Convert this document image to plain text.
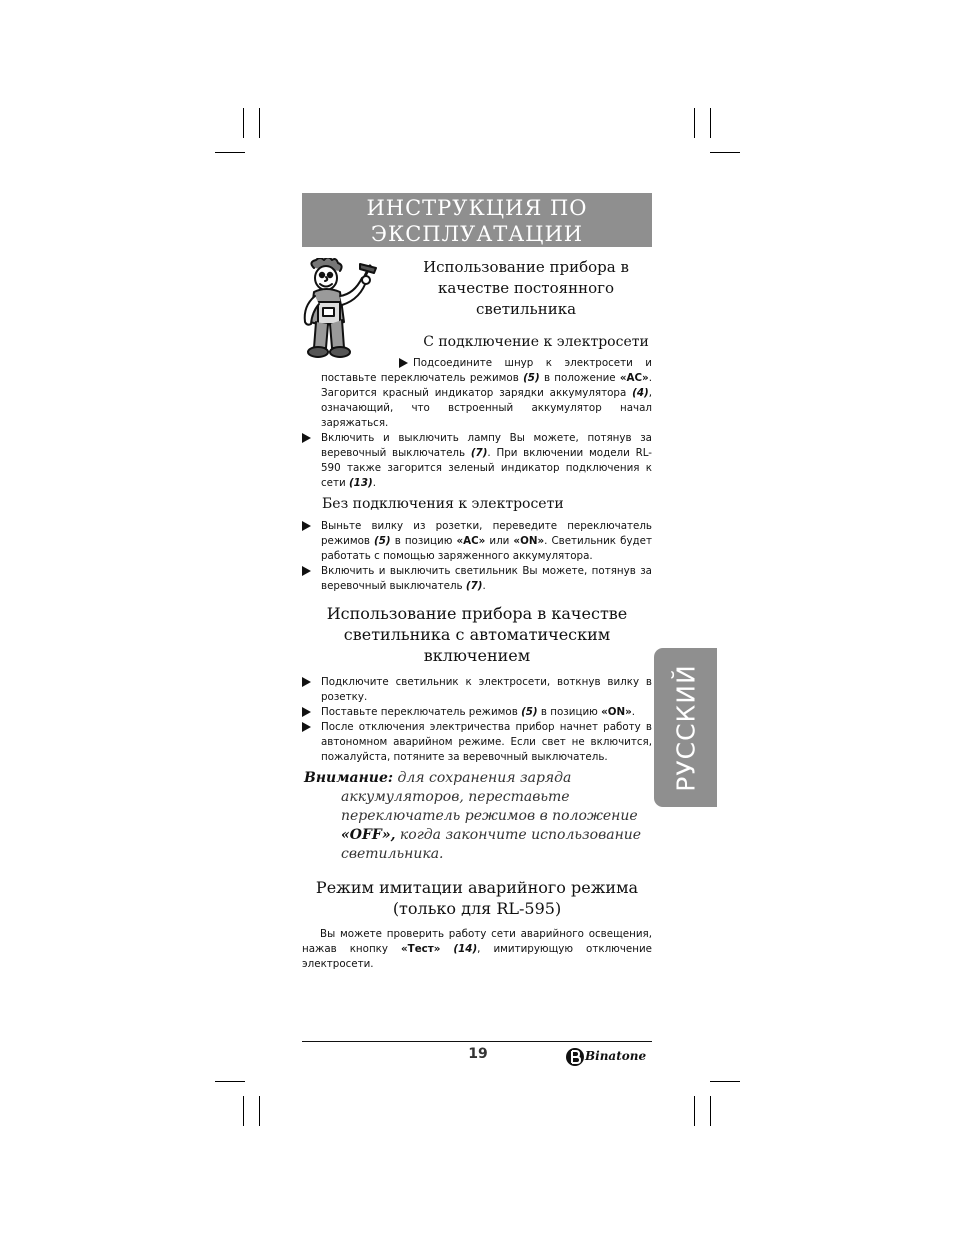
ИНСТРУКЦИЯ ПО
ЭКСПЛУАТАЦИИ
РУССКИЙ
Использование прибора в
качестве постоянного
светильника
С подключение к электросети
Подсоедините шнур к электросети и поставьте переключатель режимов (5) в положение «AC». Загорится красный индикатор зарядки аккумулятора (4), означающий, что встроенный аккумулятор начал заряжаться.
Включить и выключить лампу Вы можете, потянув за веревочный выключатель (7). При включении модели RL-590 также загорится зеленый индикатор подключения к сети (13).
Без подключения к электросети
Выньте вилку из розетки, переведите переключатель режимов (5) в позицию «AC» или «ON». Светильник будет работать с помощью заряженного аккумулятора.
Включить и выключить светильник Вы можете, потянув за веревочный выключатель (7).
Использование прибора в качестве
светильника с автоматическим
включением
Подключите светильник к электросети, воткнув вилку в розетку.
Поставьте переключатель режимов (5) в позицию «ON».
После отключения электричества прибор начнет работу в автономном аварийном режиме. Если свет не включится, пожалуйста, потяните за веревочный выключатель.
Внимание: для сохранения заряда
аккумуляторов, переставьте
переключатель режимов в положение
«OFF», когда закончите использование
светильника.
Режим имитации аварийного режима
(только для RL-595)
Вы можете проверить работу сети аварийного освещения, нажав кнопку «Тест» (14), имитирующую отключение электросети.
19	Binatone
